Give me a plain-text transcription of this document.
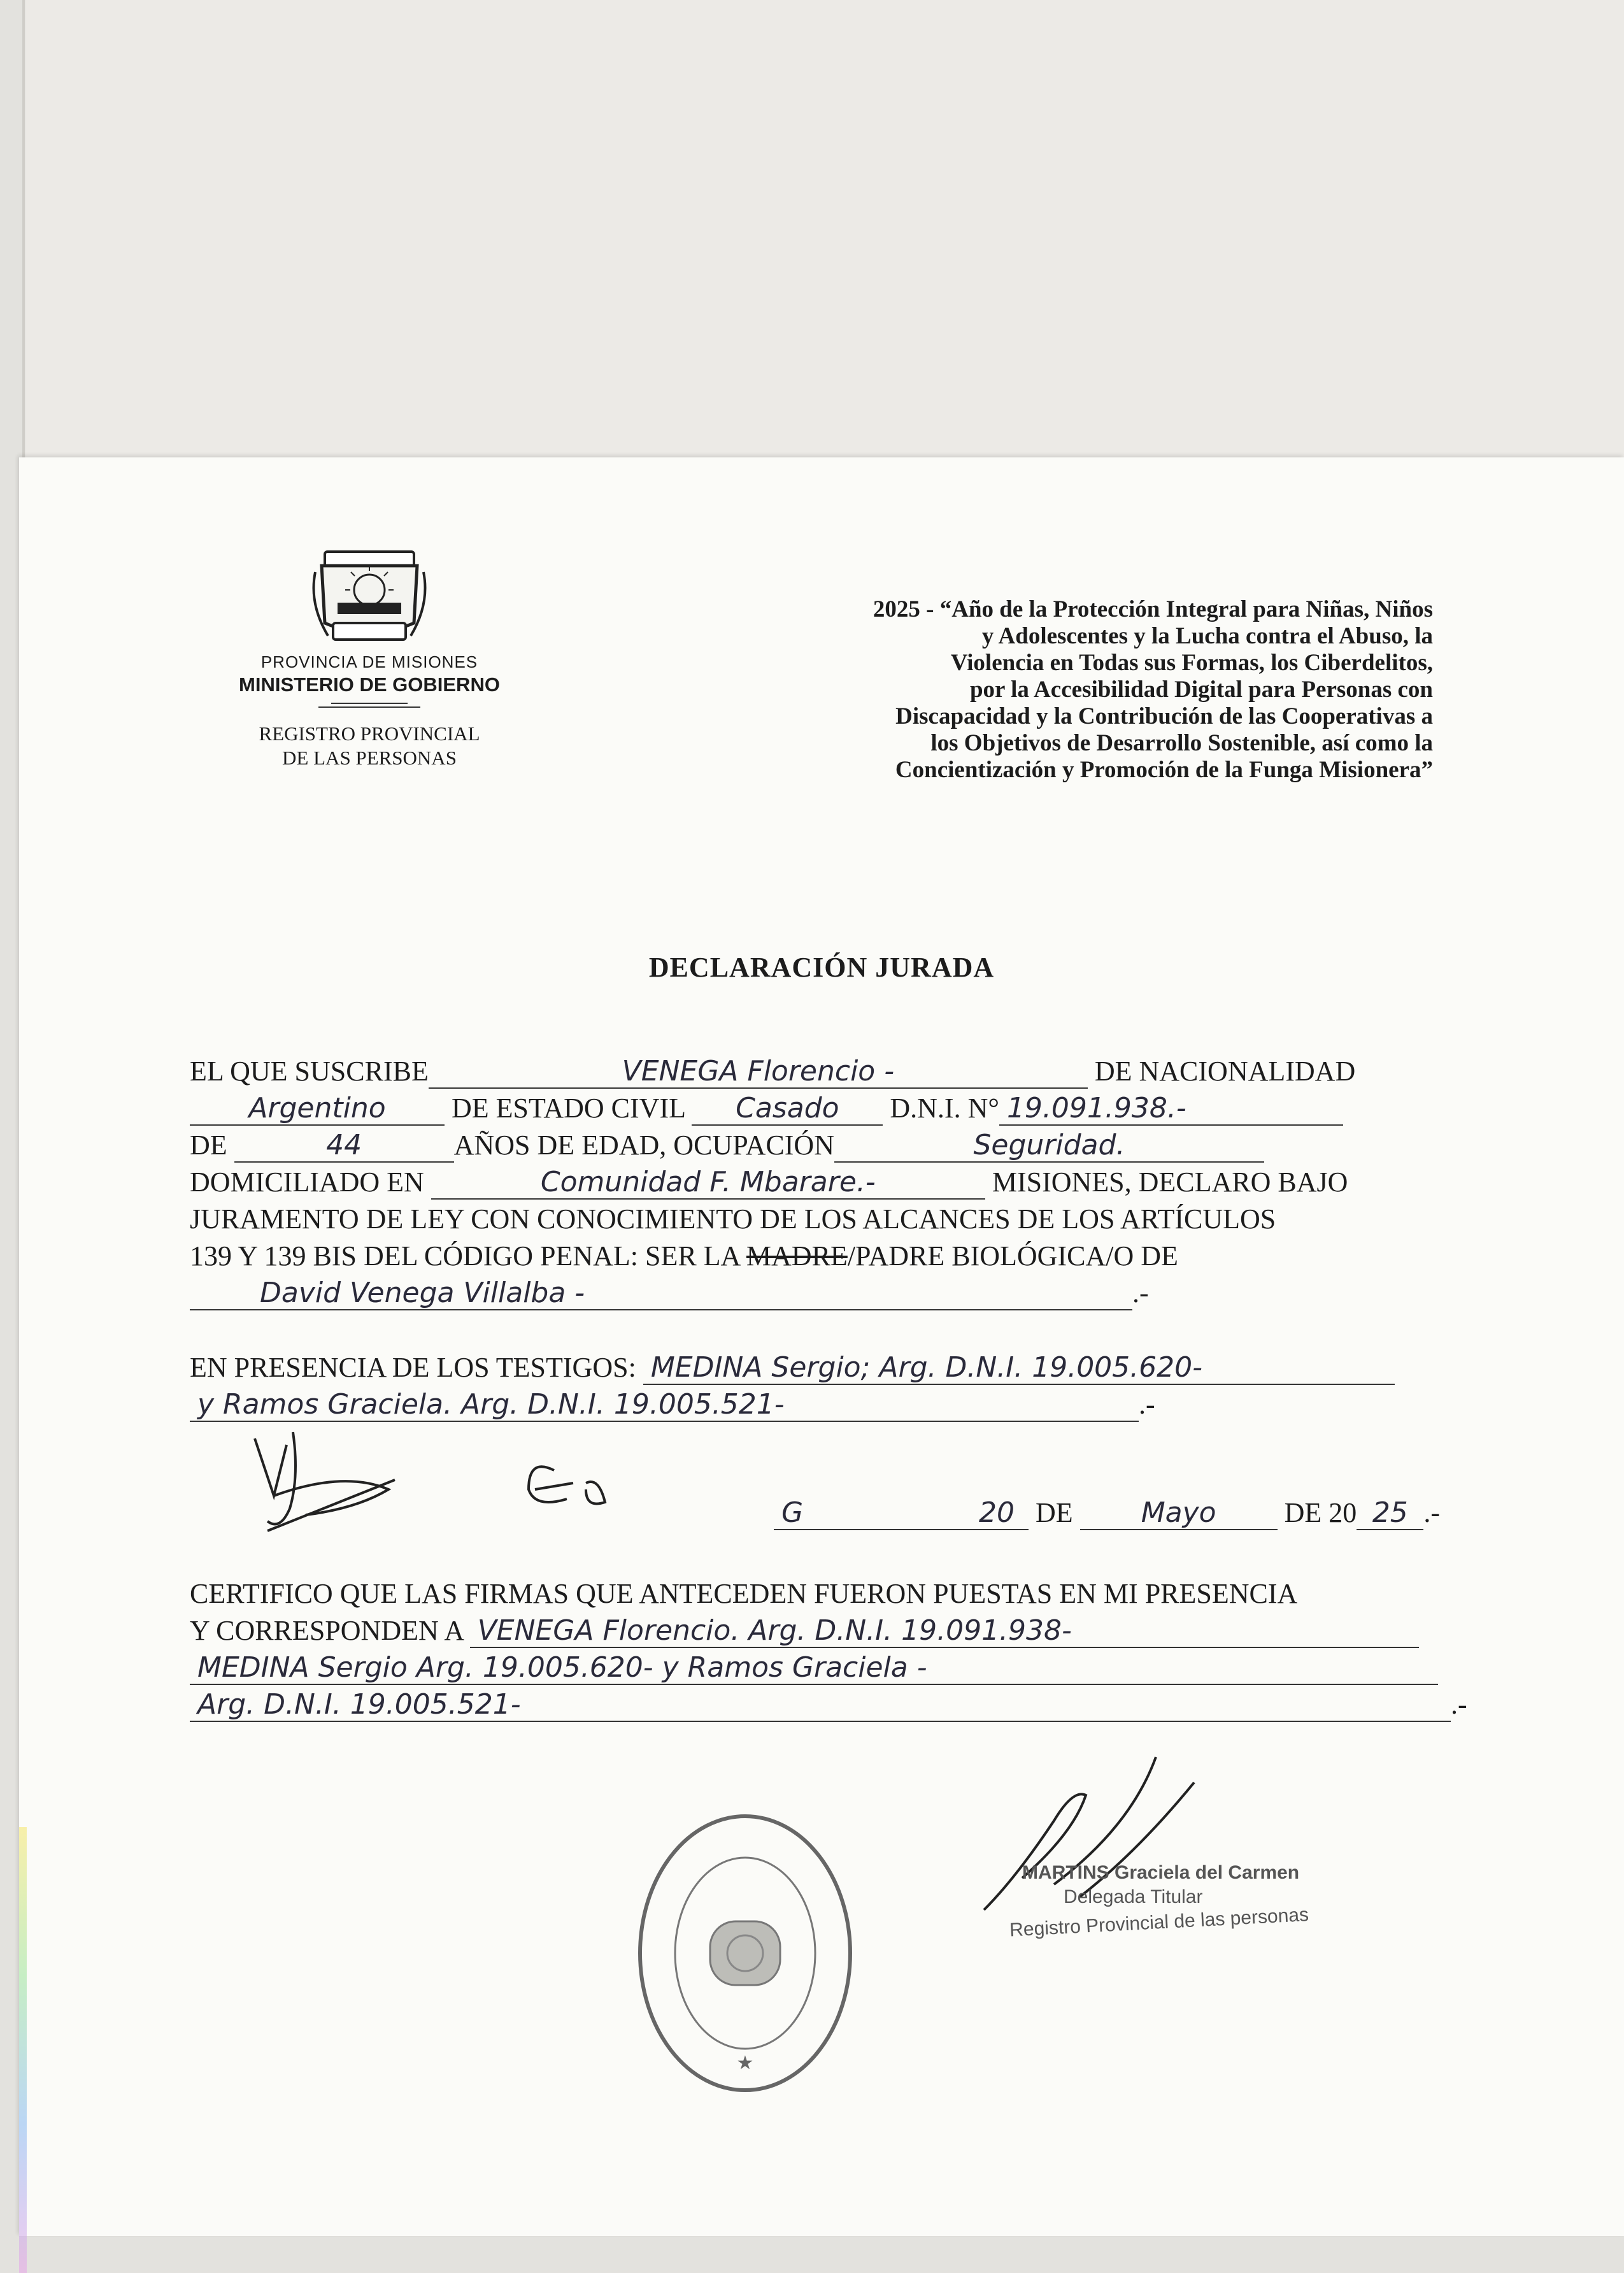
PROVINCIA DE MISIONES
MINISTERIO DE GOBIERNO
REGISTRO PROVINCIAL
DE LAS PERSONAS
2025 - “Año de la Protección Integral para Niñas, Niños
y Adolescentes y la Lucha contra el Abuso, la
Violencia en Todas sus Formas, los Ciberdelitos,
por la Accesibilidad Digital para Personas con
Discapacidad y la Contribución de las Cooperativas a
los Objetivos de Desarrollo Sostenible, así como la
Concientización y Promoción de la Funga Misionera”
DECLARACIÓN JURADA
EL QUE SUSCRIBE	VENEGA Florencio -	DE NACIONALIDAD
Argentino DE ESTADO CIVIL Casado D.N.I. N° 19.091.938.-
DE	44	AÑOS DE EDAD, OCUPACIÓN	Seguridad.
DOMICILIADO EN	Comunidad F. Mbarare.-	MISIONES, DECLARO BAJO
JURAMENTO DE LEY CON CONOCIMIENTO DE LOS ALCANCES DE LOS ARTÍCULOS
139 Y 139 BIS DEL CÓDIGO PENAL: SER LA MADRE/PADRE BIOLÓGICA/O DE
David Venega Villalba -	.-
EN PRESENCIA DE LOS TESTIGOS: MEDINA Sergio; Arg. D.N.I. 19.005.620-
y Ramos Graciela. Arg. D.N.I. 19.005.521-	.-
G	20 DE Mayo DE 20 25 .-
CERTIFICO QUE LAS FIRMAS QUE ANTECEDEN FUERON PUESTAS EN MI PRESENCIA
Y CORRESPONDEN A VENEGA Florencio. Arg. D.N.I. 19.091.938-
MEDINA Sergio Arg. 19.005.620- y Ramos Graciela -
Arg. D.N.I. 19.005.521-	.-
★
MARTINS Graciela del Carmen
Delegada Titular
Registro Provincial de las personas
